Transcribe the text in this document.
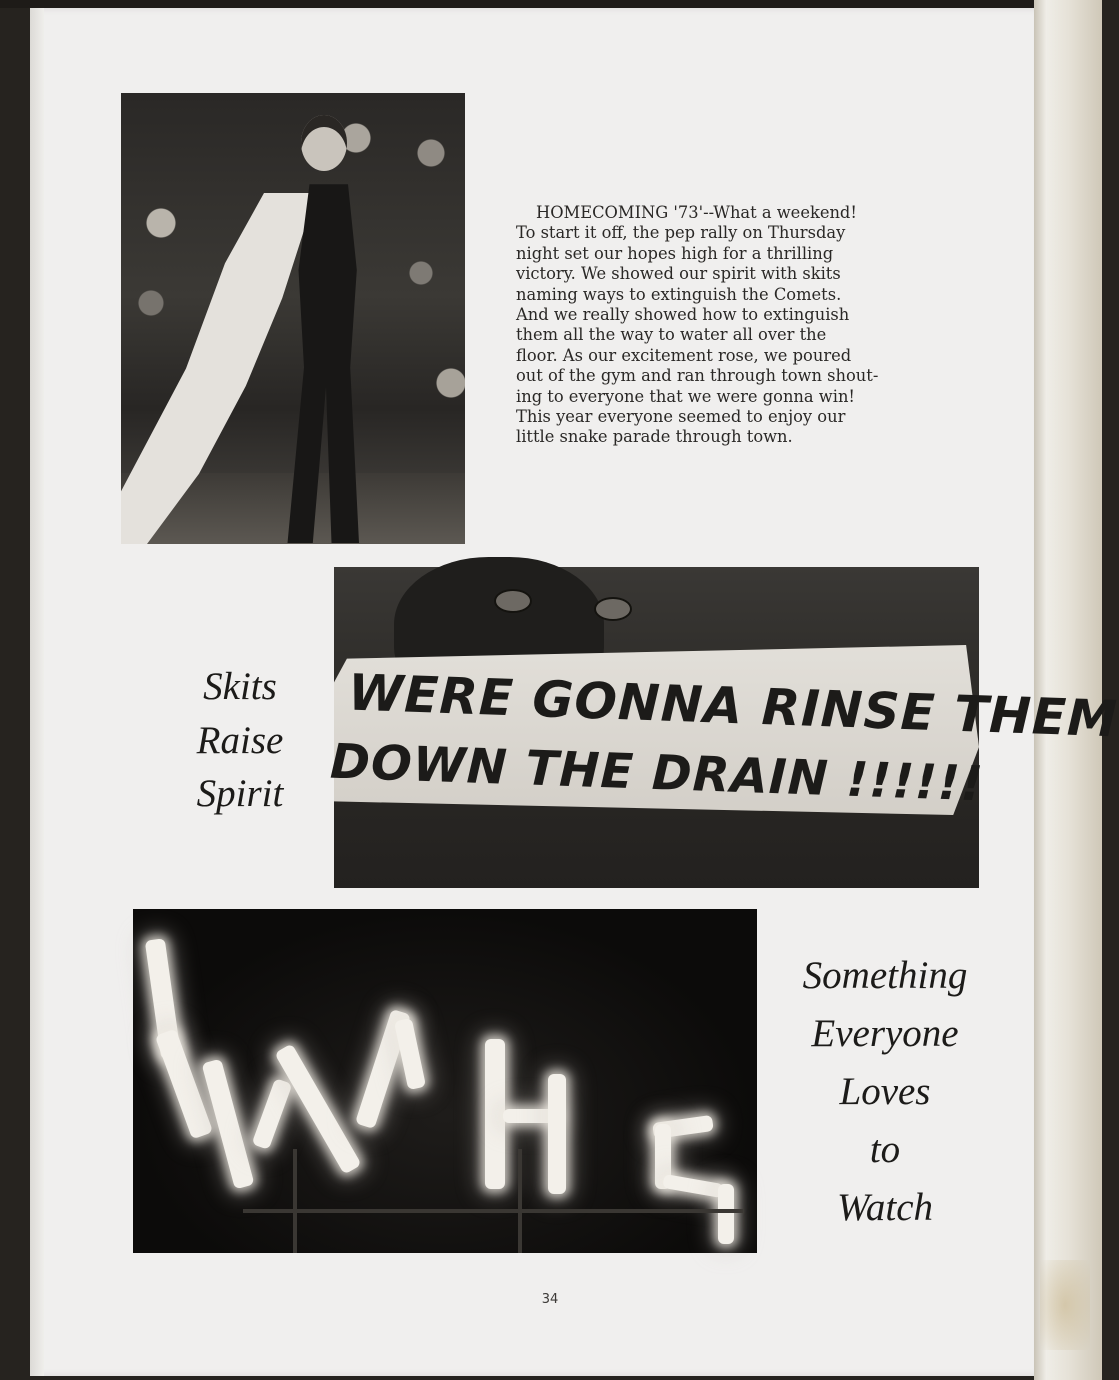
HOMECOMING '73'--What a weekend!
To start it off, the pep rally on Thursday
night set our hopes high for a thrilling
victory. We showed our spirit with skits
naming ways to extinguish the Comets.
And we really showed how to extinguish
them all the way to water all over the
floor. As our excitement rose, we poured
out of the gym and ran through town shout-
ing to everyone that we were gonna win!
This year everyone seemed to enjoy our
little snake parade through town.

Skits
Raise
Spirit

WERE GONNA RINSE THEM
DOWN THE DRAIN !!!!!!

Something
Everyone
Loves
to
Watch

34
